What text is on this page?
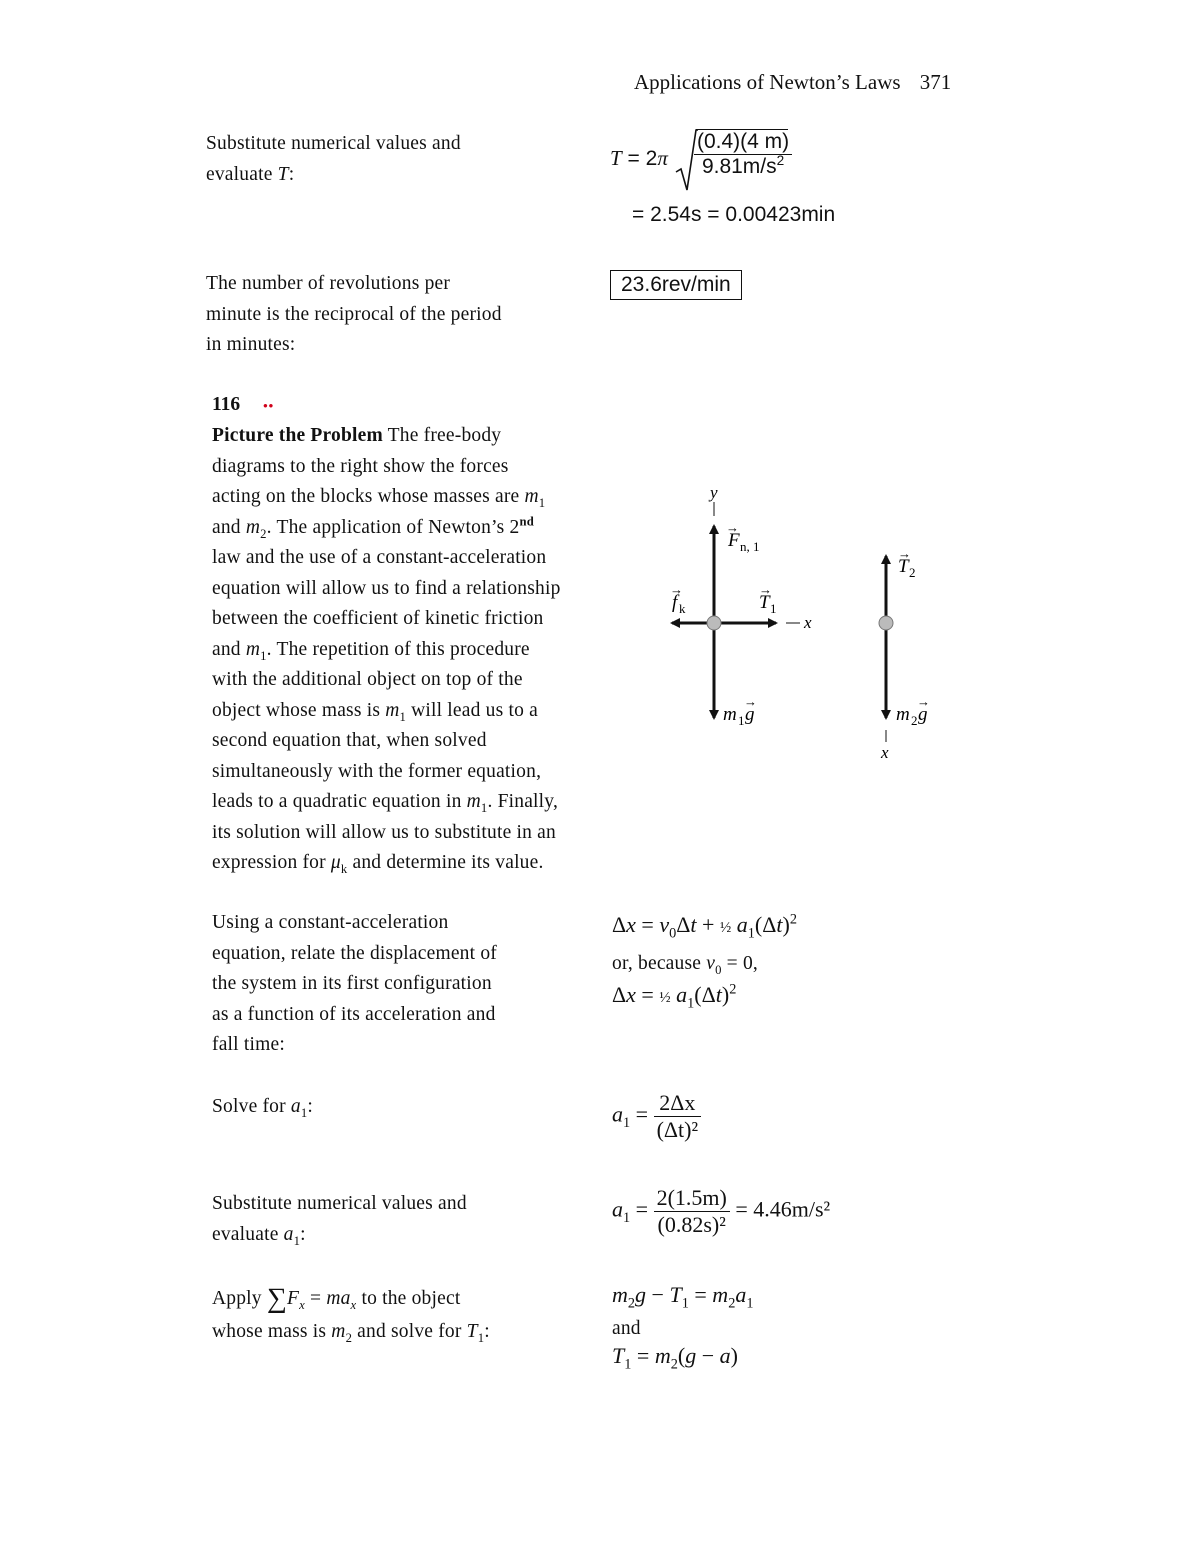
Applications of Newton’s Laws 371
Substitute numerical values and
evaluate T:
$T = 2\pi \frac{(0.4)(4 m)}{9.81m/s^2}$
= 2.54s = 0.00423min
The number of revolutions per
minute is the reciprocal of the period
in minutes:
23.6rev/min
116 ••
Picture the Problem The free-body
diagrams to the right show the forces
acting on the blocks whose masses are $m_1$
and $m_2$. The application of Newton’s 2nd
law and the use of a constant-acceleration
equation will allow us to find a relationship
between the coefficient of kinetic friction
and $m_1$. The repetition of this procedure
with the additional object on top of the
object whose mass is $m_1$ will lead us to a
second equation that, when solved
simultaneously with the former equation,
leads to a quadratic equation in $m_1$. Finally,
its solution will allow us to substitute in an
expression for $\mu_k$ and determine its value.
y
F n, 1
→
f k
→
T 1
→
x
m 1 g
→
T 2
→
m 2 g
→
x
Using a constant-acceleration
equation, relate the displacement of
the system in its first configuration
as a function of its acceleration and
fall time:
$\Delta x = v_0\Delta t$ + ½ $a_1(\Delta t)^2$
or, because $v_0 = 0$,
Δx = ½ $a_1(\Delta t)^2$
Solve for $a_1$:	$a_1 = \frac{2\Delta x}{\text{(Δt)²}}$
Substitute numerical values and
evaluate $a_1$:
$a_1 = \frac{2(1.5m)}{\text{(0.82s)²}} = 4.46m/s^2$
Apply $\sum F_x = ma_x$ to the object
whose mass is $m_2$ and solve for $T_1$:
$m_2g - T_1 = m_2a_1$
and
$T_1 = m_2(g - a)$
